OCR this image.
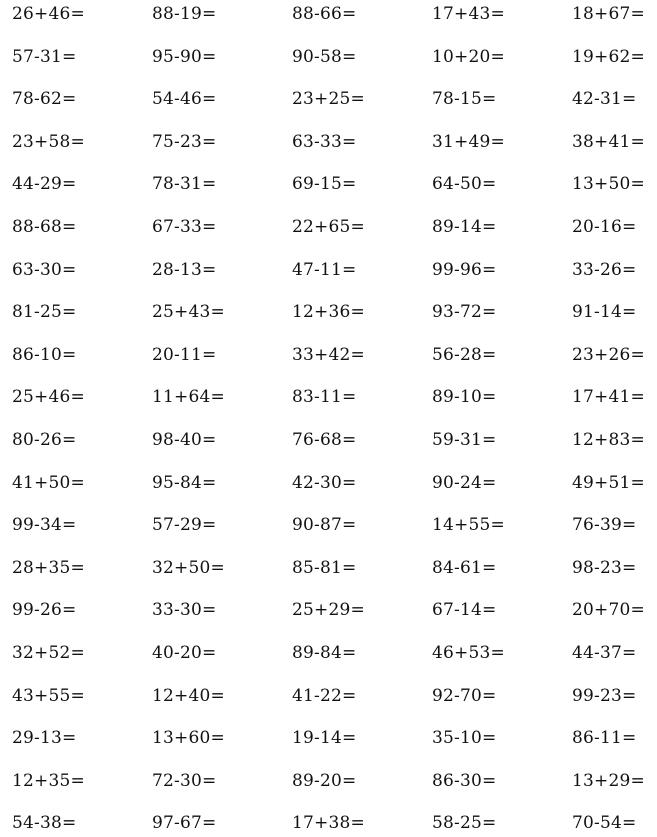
26+46=	88-19=	88-66=	17+43=	18+67=
57-31=	95-90=	90-58=	10+20=	19+62=
78-62=	54-46=	23+25=	78-15=	42-31=
23+58=	75-23=	63-33=	31+49=	38+41=
44-29=	78-31=	69-15=	64-50=	13+50=
88-68=	67-33=	22+65=	89-14=	20-16=
63-30=	28-13=	47-11=	99-96=	33-26=
81-25=	25+43=	12+36=	93-72=	91-14=
86-10=	20-11=	33+42=	56-28=	23+26=
25+46=	11+64=	83-11=	89-10=	17+41=
80-26=	98-40=	76-68=	59-31=	12+83=
41+50=	95-84=	42-30=	90-24=	49+51=
99-34=	57-29=	90-87=	14+55=	76-39=
28+35=	32+50=	85-81=	84-61=	98-23=
99-26=	33-30=	25+29=	67-14=	20+70=
32+52=	40-20=	89-84=	46+53=	44-37=
43+55=	12+40=	41-22=	92-70=	99-23=
29-13=	13+60=	19-14=	35-10=	86-11=
12+35=	72-30=	89-20=	86-30=	13+29=
54-38=	97-67=	17+38=	58-25=	70-54=
